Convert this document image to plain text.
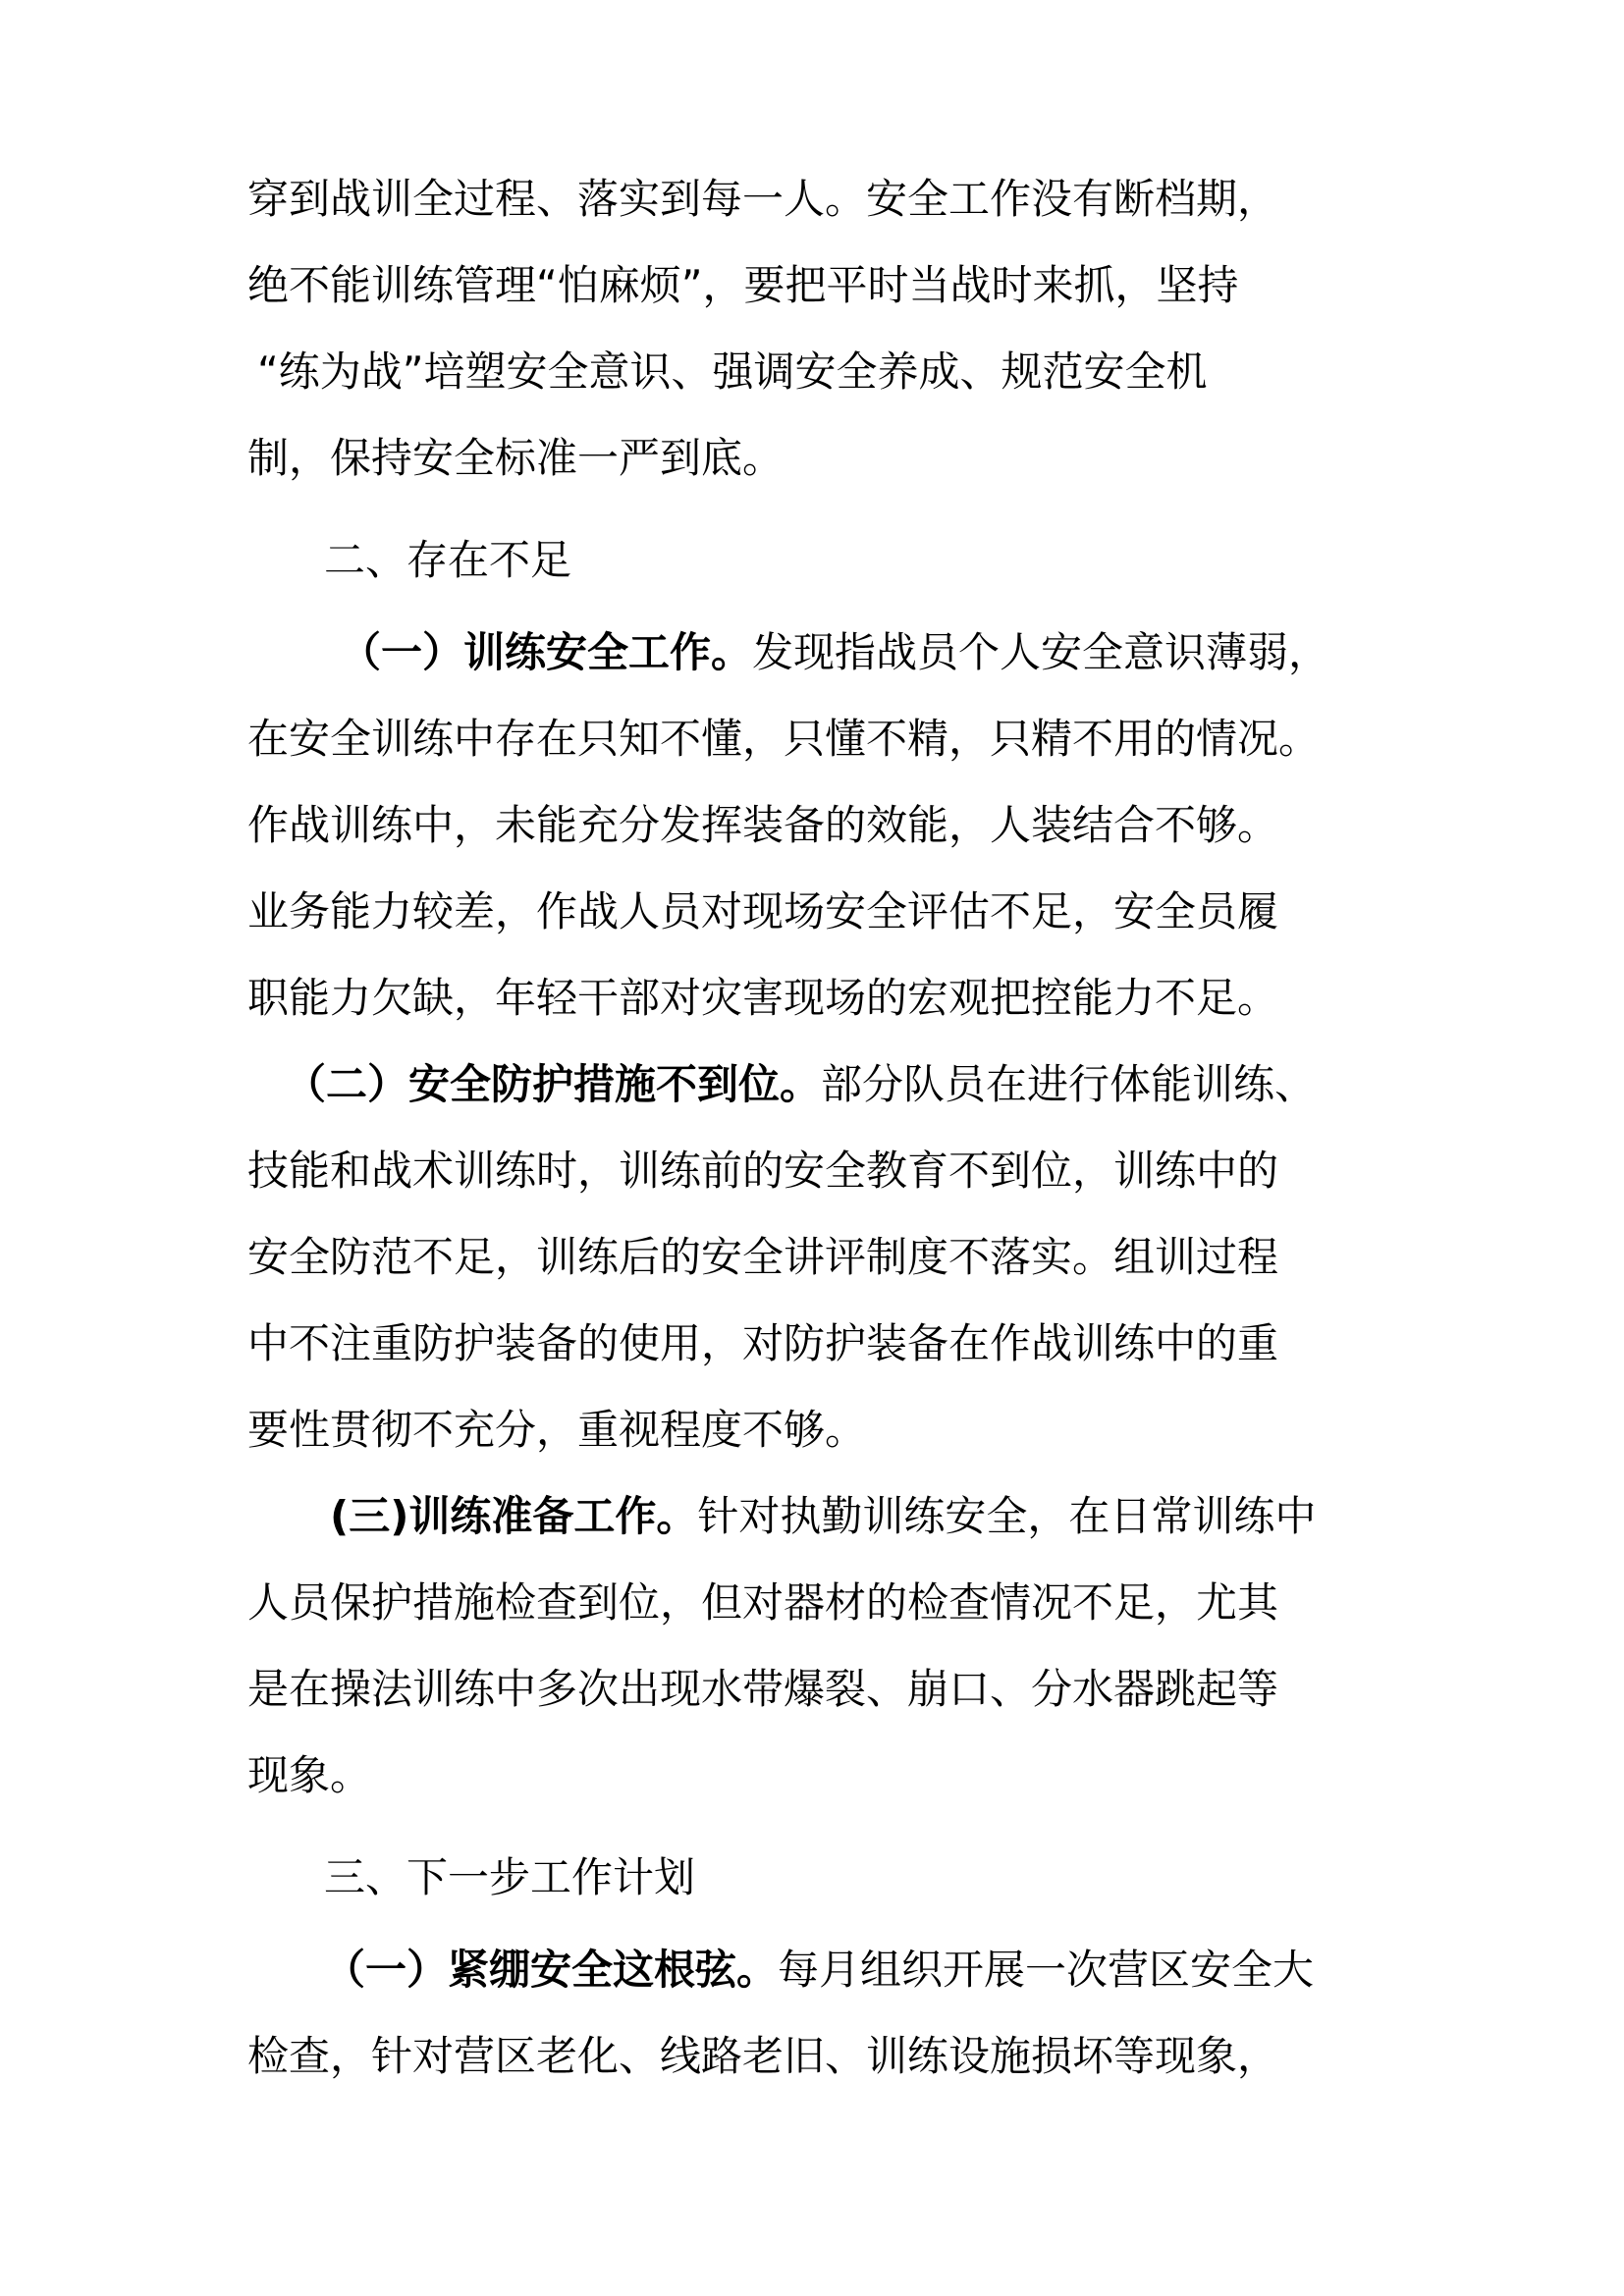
穿到战训全过程、落实到每一人。安全工作没有断档期，
绝不能训练管理“怕麻烦”，要把平时当战时来抓，坚持
“练为战”培塑安全意识、强调安全养成、规范安全机
制，保持安全标准一严到底。
二、存在不足
（一）训练安全工作。发现指战员个人安全意识薄弱，
在安全训练中存在只知不懂，只懂不精，只精不用的情况。
作战训练中，未能充分发挥装备的效能，人装结合不够。
业务能力较差，作战人员对现场安全评估不足，安全员履
职能力欠缺，年轻干部对灾害现场的宏观把控能力不足。
（二）安全防护措施不到位。部分队员在进行体能训练、
技能和战术训练时，训练前的安全教育不到位，训练中的
安全防范不足，训练后的安全讲评制度不落实。组训过程
中不注重防护装备的使用，对防护装备在作战训练中的重
要性贯彻不充分，重视程度不够。
(三)训练准备工作。针对执勤训练安全，在日常训练中
人员保护措施检查到位，但对器材的检查情况不足，尤其
是在操法训练中多次出现水带爆裂、崩口、分水器跳起等
现象。
三、下一步工作计划
（一）紧绷安全这根弦。每月组织开展一次营区安全大
检查，针对营区老化、线路老旧、训练设施损坏等现象，
